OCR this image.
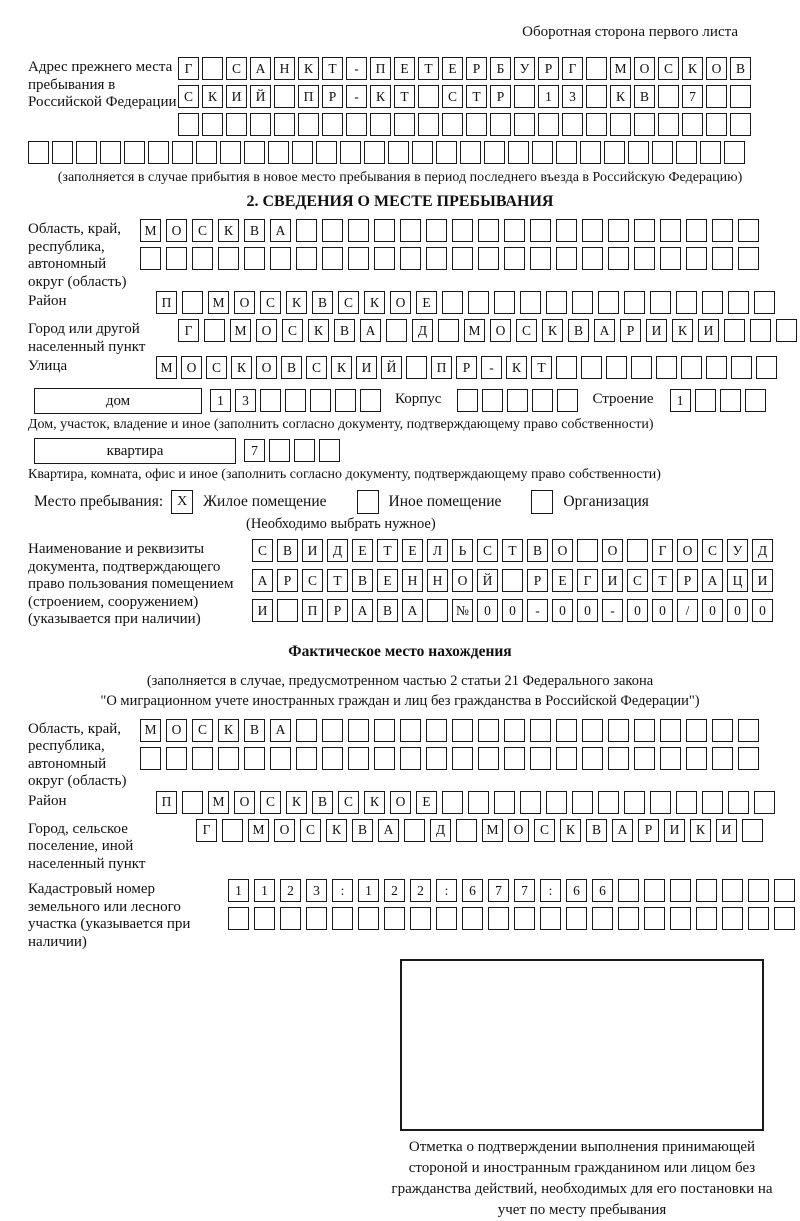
Оборотная сторона первого листа
Адрес прежнего места пребывания в Российской Федерации
Г	С	А	Н	К	Т	-	П	Е	Т	Е	Р	Б	У	Р	Г	М О	С	К	О	В
С	К	И	Й	П	Р	-	К	Т	С	Т	Р	1	3	К	В	7
(заполняется в случае прибытия в новое место пребывания в период последнего въезда в Российскую Федерацию)
2. СВЕДЕНИЯ О МЕСТЕ ПРЕБЫВАНИЯ
Область, край, республика, автономный округ (область)
М	О	С	К	В	А
Район	П	М	О	С	К	В	С	К	О	Е
Город или другой населенный пункт
Г	М	О	С	К	В	А	Д	М	О	С	К	В	А	Р	И	К	И
Улица	М	О	С	К	О	В	С	К	И	Й	П	Р	-	К	Т
дом	1	3	Корпус	Строение	1
Дом, участок, владение и иное (заполнить согласно документу, подтверждающему право собственности)
квартира	7
Квартира, комната, офис и иное (заполнить согласно документу, подтверждающему право собственности)
Место пребывания: X	Жилое помещение	Иное помещение	Организация
(Необходимо выбрать нужное)
Наименование и реквизиты документа, подтверждающего право пользования помещением (строением, сооружением) (указывается при наличии)
С	В	И	Д	Е	Т	Е	Л	Ь	С	Т	В	О	О	Г	О	С	У	Д
А	Р	С	Т	В	Е	Н	Н	О	Й	Р	Е	Г	И	С	Т	Р	А	Ц	И
И	П	Р	А	В	А	№	0	0	-	0	0	-	0	0	/	0	0	0
Фактическое место нахождения
(заполняется в случае, предусмотренном частью 2 статьи 21 Федерального закона
"О миграционном учете иностранных граждан и лиц без гражданства в Российской Федерации")
Область, край, республика, автономный округ (область)
М	О	С	К	В	А
Район	П	М	О	С	К	В	С	К	О	Е
Город, сельское поселение, иной населенный пункт
Г	М	О	С	К	В	А	Д	М	О	С	К	В	А	Р	И	К	И
Кадастровый номер земельного или лесного участка (указывается при наличии)
1	1	2	3	:	1	2	2	:	6	7	7	:	6	6
Отметка о подтверждении выполнения принимающей стороной и иностранным гражданином или лицом без гражданства действий, необходимых для его постановки на учет по месту пребывания
